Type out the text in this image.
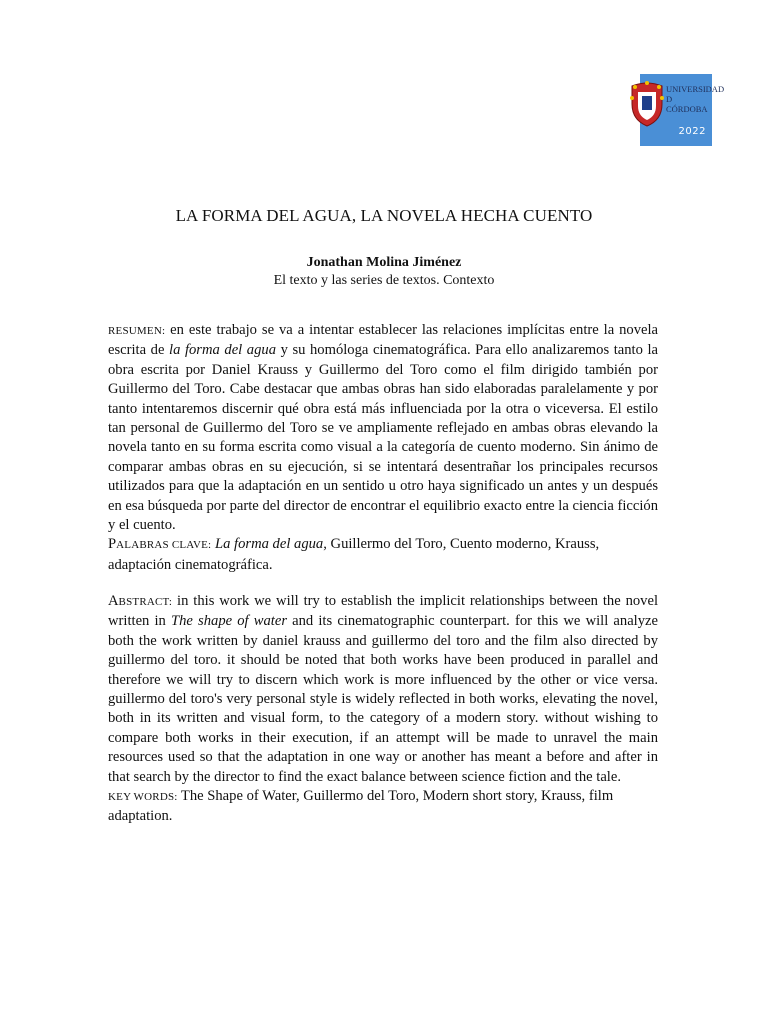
UNIVERSIDAD
D
CÓRDOBA
2022
LA FORMA DEL AGUA, LA NOVELA HECHA CUENTO
Jonathan Molina Jiménez
El texto y las series de textos. Contexto
RESUMEN: en este trabajo se va a intentar establecer las relaciones implícitas entre la novela escrita de la forma del agua y su homóloga cinematográfica. Para ello analizaremos tanto la obra escrita por Daniel Krauss y Guillermo del Toro como el film dirigido también por Guillermo del Toro. Cabe destacar que ambas obras han sido elaboradas paralelamente y por tanto intentaremos discernir qué obra está más influenciada por la otra o viceversa. El estilo tan personal de Guillermo del Toro se ve ampliamente reflejado en ambas obras elevando la novela tanto en su forma escrita como visual a la categoría de cuento moderno. Sin ánimo de comparar ambas obras en su ejecución, si se intentará desentrañar los principales recursos utilizados para que la adaptación en un sentido u otro haya significado un antes y un después en esa búsqueda por parte del director de encontrar el equilibrio exacto entre la ciencia ficción y el cuento.
PALABRAS CLAVE: La forma del agua, Guillermo del Toro, Cuento moderno, Krauss, adaptación cinematográfica.
ABSTRACT: in this work we will try to establish the implicit relationships between the novel written in The shape of water and its cinematographic counterpart. for this we will analyze both the work written by daniel krauss and guillermo del toro and the film also directed by guillermo del toro. it should be noted that both works have been produced in parallel and therefore we will try to discern which work is more influenced by the other or vice versa. guillermo del toro's very personal style is widely reflected in both works, elevating the novel, both in its written and visual form, to the category of a modern story. without wishing to compare both works in their execution, if an attempt will be made to unravel the main resources used so that the adaptation in one way or another has meant a before and after in that search by the director to find the exact balance between science fiction and the tale.
KEY WORDS: The Shape of Water, Guillermo del Toro, Modern short story, Krauss, film adaptation.
